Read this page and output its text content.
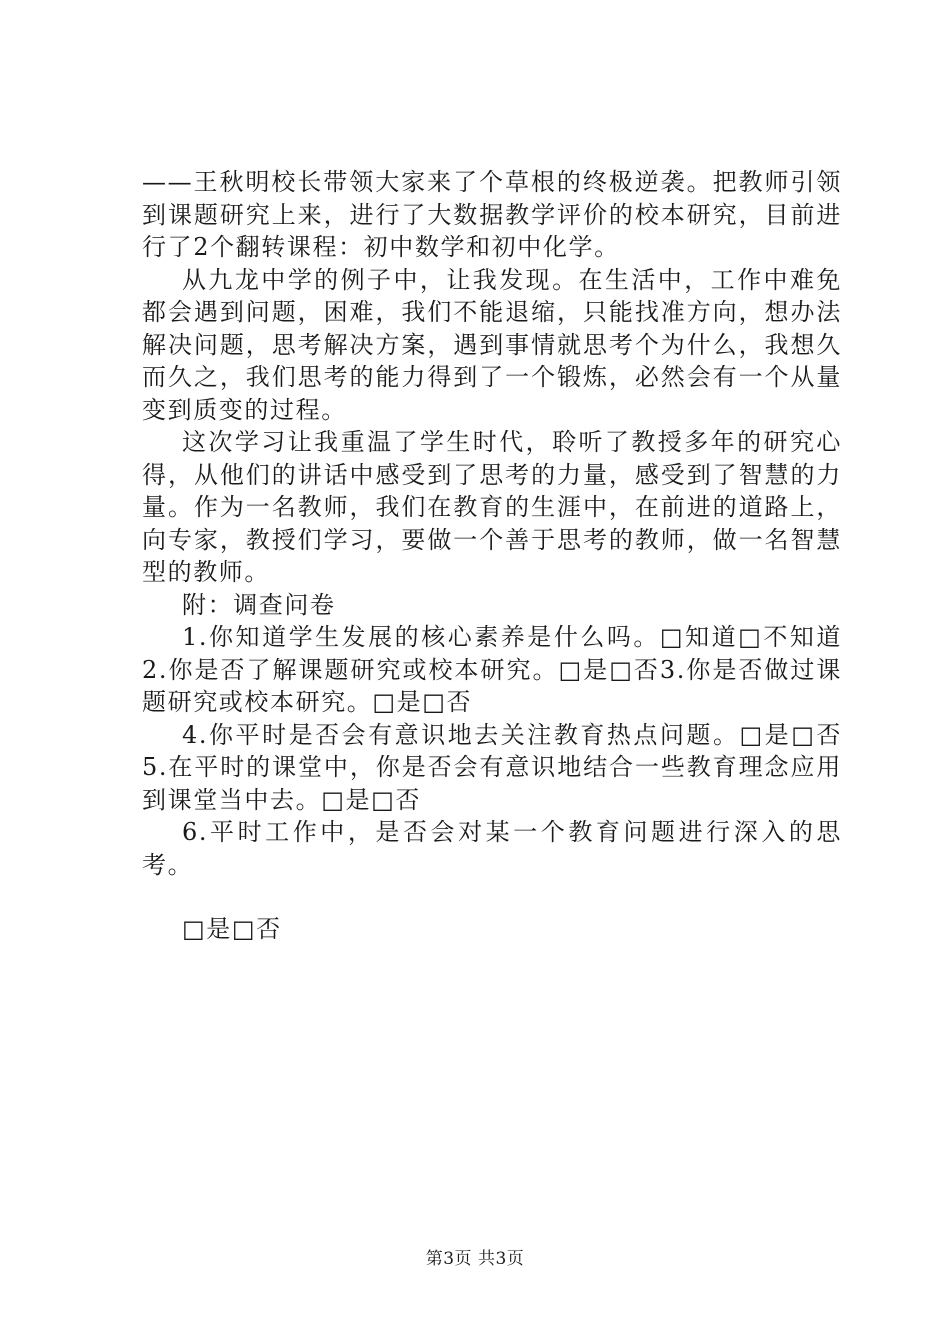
——王秋明校长带领大家来了个草根的终极逆袭。把教师引领到课题研究上来，进行了大数据教学评价的校本研究，目前进行了2个翻转课程：初中数学和初中化学。

从九龙中学的例子中，让我发现。在生活中，工作中难免都会遇到问题，困难，我们不能退缩，只能找准方向，想办法解决问题，思考解决方案，遇到事情就思考个为什么，我想久而久之，我们思考的能力得到了一个锻炼，必然会有一个从量变到质变的过程。

这次学习让我重温了学生时代，聆听了教授多年的研究心得，从他们的讲话中感受到了思考的力量，感受到了智慧的力量。作为一名教师，我们在教育的生涯中，在前进的道路上，向专家，教授们学习，要做一个善于思考的教师，做一名智慧型的教师。

附：调查问卷

1.你知道学生发展的核心素养是什么吗。□知道□不知道2.你是否了解课题研究或校本研究。□是□否3.你是否做过课题研究或校本研究。□是□否

4.你平时是否会有意识地去关注教育热点问题。□是□否5.在平时的课堂中，你是否会有意识地结合一些教育理念应用到课堂当中去。□是□否

6.平时工作中，是否会对某一个教育问题进行深入的思考。

□是□否

第3页 共3页
